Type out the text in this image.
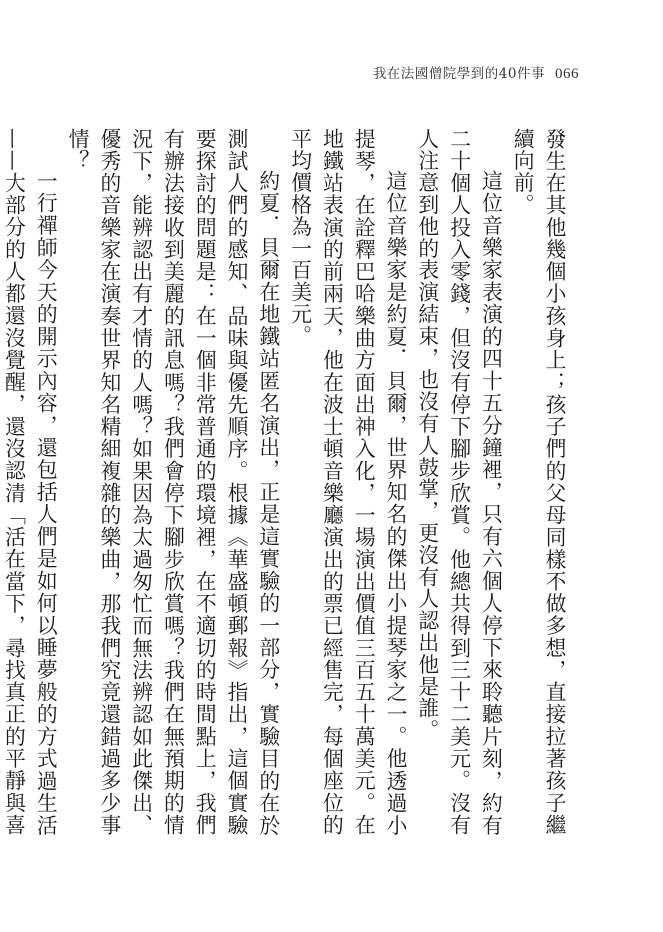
我在法國僧院學到的40件事 066

發生在其他幾個小孩身上；孩子們的父母同樣不做多想，直接拉著孩子繼續向前。

這位音樂家表演的四十五分鐘裡，只有六個人停下來聆聽片刻，約有二十個人投入零錢，但沒有停下腳步欣賞。他總共得到三十二美元。沒有人注意到他的表演結束，也沒有人鼓掌，更沒有人認出他是誰。

這位音樂家是約夏．貝爾，世界知名的傑出小提琴家之一。他透過小提琴，在詮釋巴哈樂曲方面出神入化，一場演出價值三百五十萬美元。在地鐵站表演的前兩天，他在波士頓音樂廳演出的票已經售完，每個座位的平均價格為一百美元。

約夏．貝爾在地鐵站匿名演出，正是這實驗的一部分，實驗目的在於測試人們的感知、品味與優先順序。根據《華盛頓郵報》指出，這個實驗要探討的問題是：在一個非常普通的環境裡，在不適切的時間點上，我們有辦法接收到美麗的訊息嗎？我們會停下腳步欣賞嗎？我們在無預期的情況下，能辨認出有才情的人嗎？如果因為太過匆忙而無法辨認如此傑出、優秀的音樂家在演奏世界知名精細複雜的樂曲，那我們究竟還錯過多少事情？

一行禪師今天的開示內容，還包括人們是如何以睡夢般的方式過生活——大部分的人都還沒覺醒，還沒認清「活在當下，尋找真正的平靜與喜
